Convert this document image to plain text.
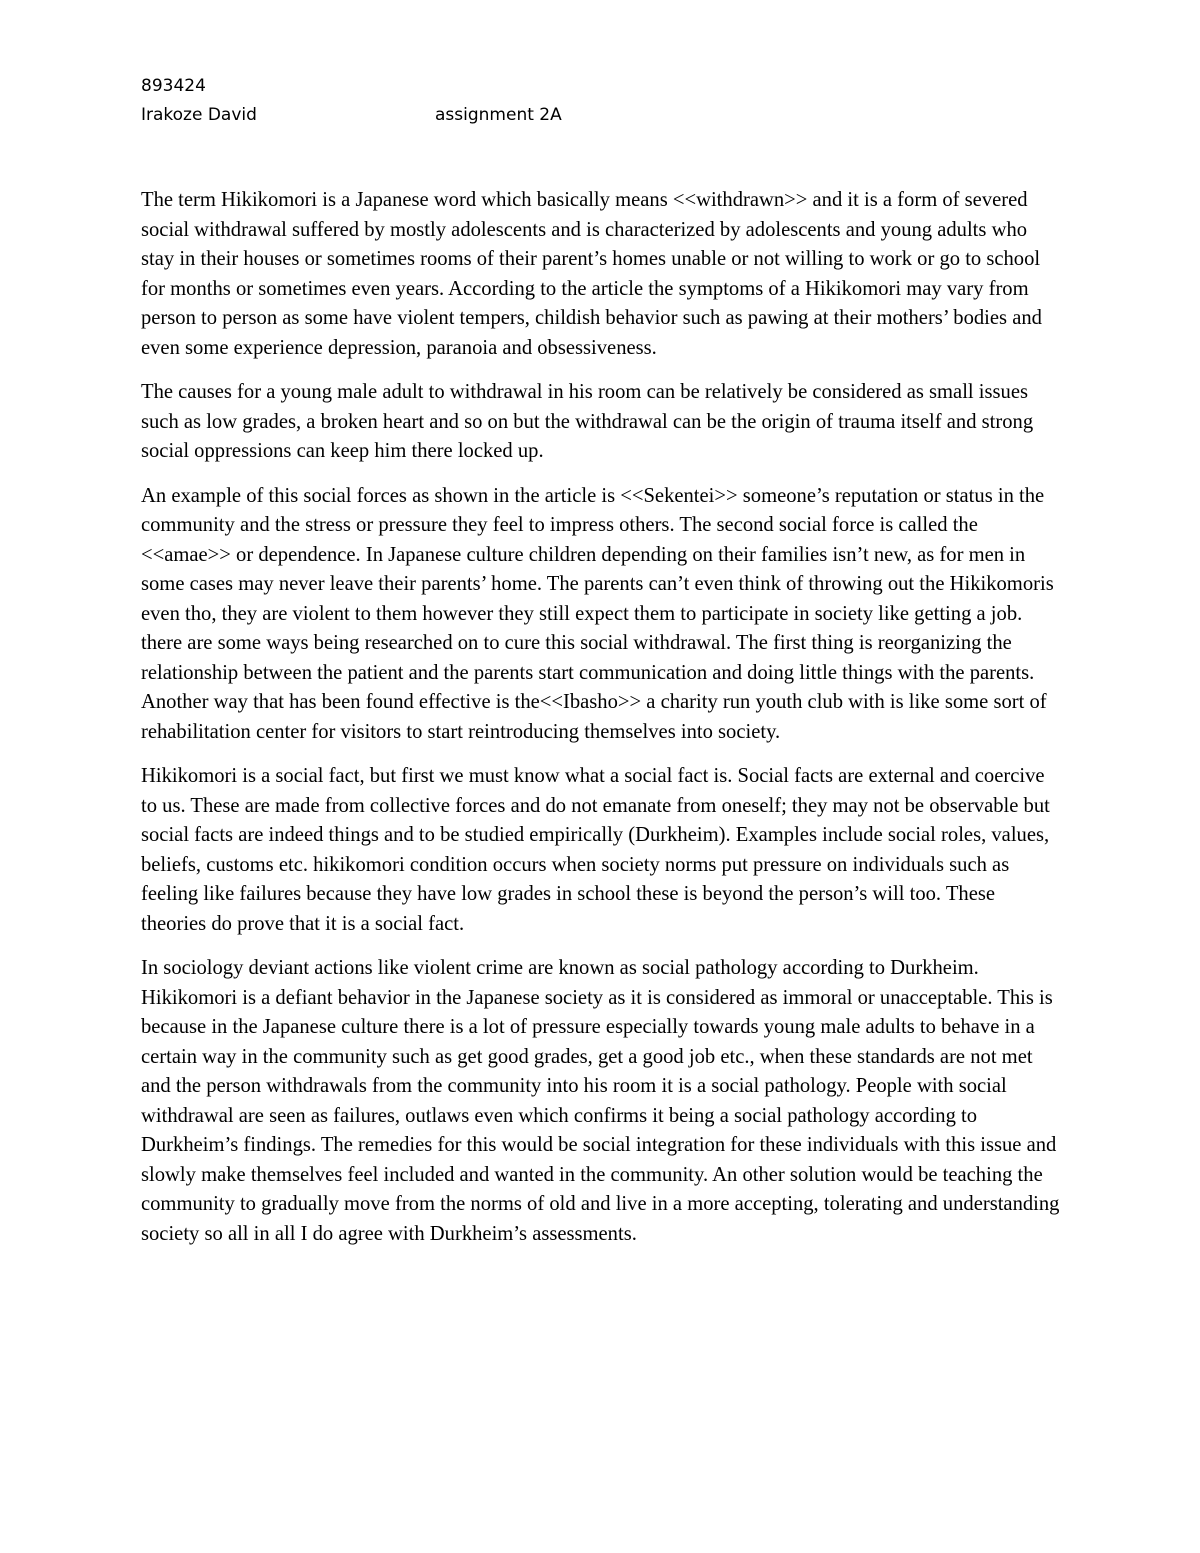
893424
Irakoze David	assignment 2A

The term Hikikomori is a Japanese word which basically means <<withdrawn>> and it is a form of severed social withdrawal suffered by mostly adolescents and is characterized by adolescents and young adults who stay in their houses or sometimes rooms of their parent’s homes unable or not willing to work or go to school for months or sometimes even years. According to the article the symptoms of a Hikikomori may vary from person to person as some have violent tempers, childish behavior such as pawing at their mothers’ bodies and even some experience depression, paranoia and obsessiveness.

The causes for a young male adult to withdrawal in his room can be relatively be considered as small issues such as low grades, a broken heart and so on but the withdrawal can be the origin of trauma itself and strong social oppressions can keep him there locked up.

An example of this social forces as shown in the article is <<Sekentei>> someone’s reputation or status in the community and the stress or pressure they feel to impress others. The second social force is called the <<amae>> or dependence. In Japanese culture children depending on their families isn’t new, as for men in some cases may never leave their parents’ home. The parents can’t even think of throwing out the Hikikomoris even tho, they are violent to them however they still expect them to participate in society like getting a job. there are some ways being researched on to cure this social withdrawal. The first thing is reorganizing the relationship between the patient and the parents start communication and doing little things with the parents. Another way that has been found effective is the<<Ibasho>> a charity run youth club with is like some sort of rehabilitation center for visitors to start reintroducing themselves into society.

Hikikomori is a social fact, but first we must know what a social fact is. Social facts are external and coercive to us. These are made from collective forces and do not emanate from oneself; they may not be observable but social facts are indeed things and to be studied empirically (Durkheim). Examples include social roles, values, beliefs, customs etc. hikikomori condition occurs when society norms put pressure on individuals such as feeling like failures because they have low grades in school these is beyond the person’s will too. These theories do prove that it is a social fact.

In sociology deviant actions like violent crime are known as social pathology according to Durkheim. Hikikomori is a defiant behavior in the Japanese society as it is considered as immoral or unacceptable. This is because in the Japanese culture there is a lot of pressure especially towards young male adults to behave in a certain way in the community such as get good grades, get a good job etc., when these standards are not met and the person withdrawals from the community into his room it is a social pathology. People with social withdrawal are seen as failures, outlaws even which confirms it being a social pathology according to Durkheim’s findings. The remedies for this would be social integration for these individuals with this issue and slowly make themselves feel included and wanted in the community. An other solution would be teaching the community to gradually move from the norms of old and live in a more accepting, tolerating and understanding society so all in all I do agree with Durkheim’s assessments.
